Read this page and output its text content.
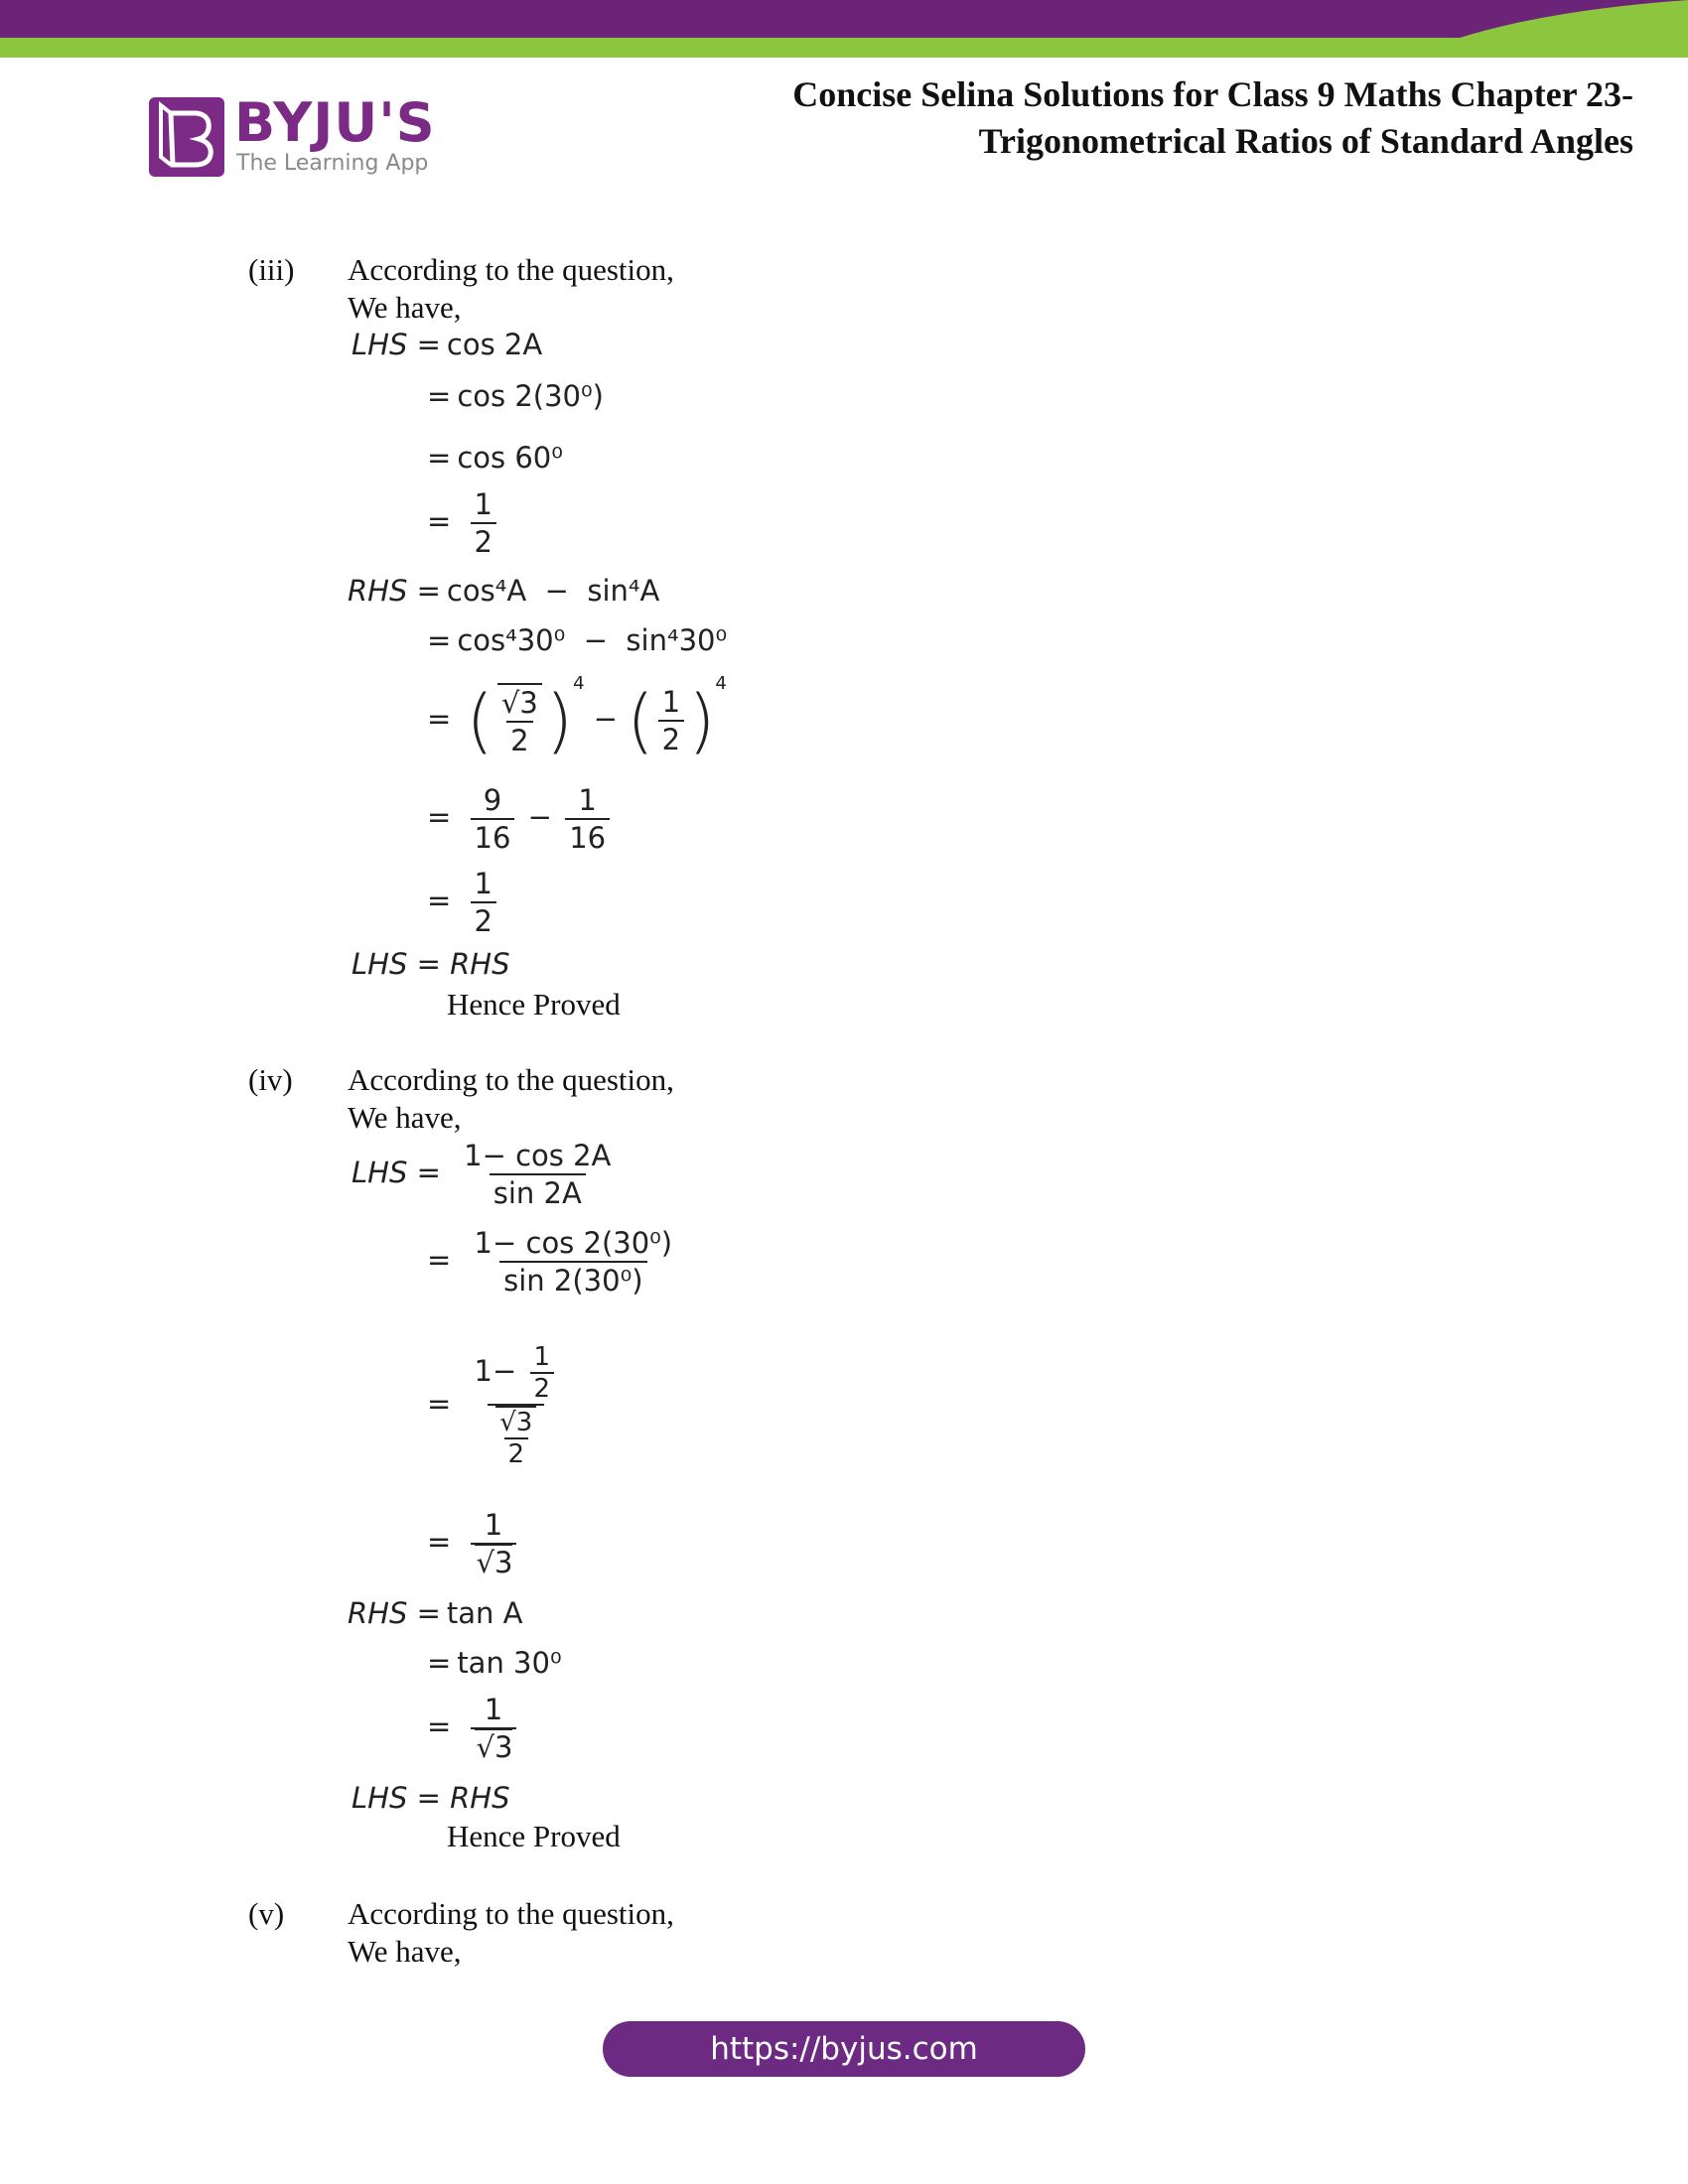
BYJU'S
The Learning App
Concise Selina Solutions for Class 9 Maths Chapter 23-
Trigonometrical Ratios of Standard Angles
(iii) According to the question,
We have,
LHS = cos 2A
= cos 2(30⁰)
= cos 60⁰
= $\frac{1}{2}$
RHS = cos⁴A  −  sin⁴A
= cos⁴30⁰  −  sin⁴30⁰
= ( $\frac{√3}{2} )^4$ − ( $\frac{1}{2} )^4$
= $\frac{9}{16} - \frac{1}{16}$
= $\frac{1}{2}$
LHS = RHS
Hence Proved
(iv) According to the question,
We have,
LHS = $\frac{1- \cos 2A}{\sin 2A}$
= $\frac{\text{1− cos 2(30⁰)}}{\text{sin 2(30⁰)}}$
= $\frac{1- \frac{1}{2}}{\frac{√3}{2}}$
= $\frac{1}{√3}$
RHS = tan A
= tan 30⁰
= $\frac{1}{√3}$
LHS = RHS
Hence Proved
(v) According to the question,
We have,
https://byjus.com
